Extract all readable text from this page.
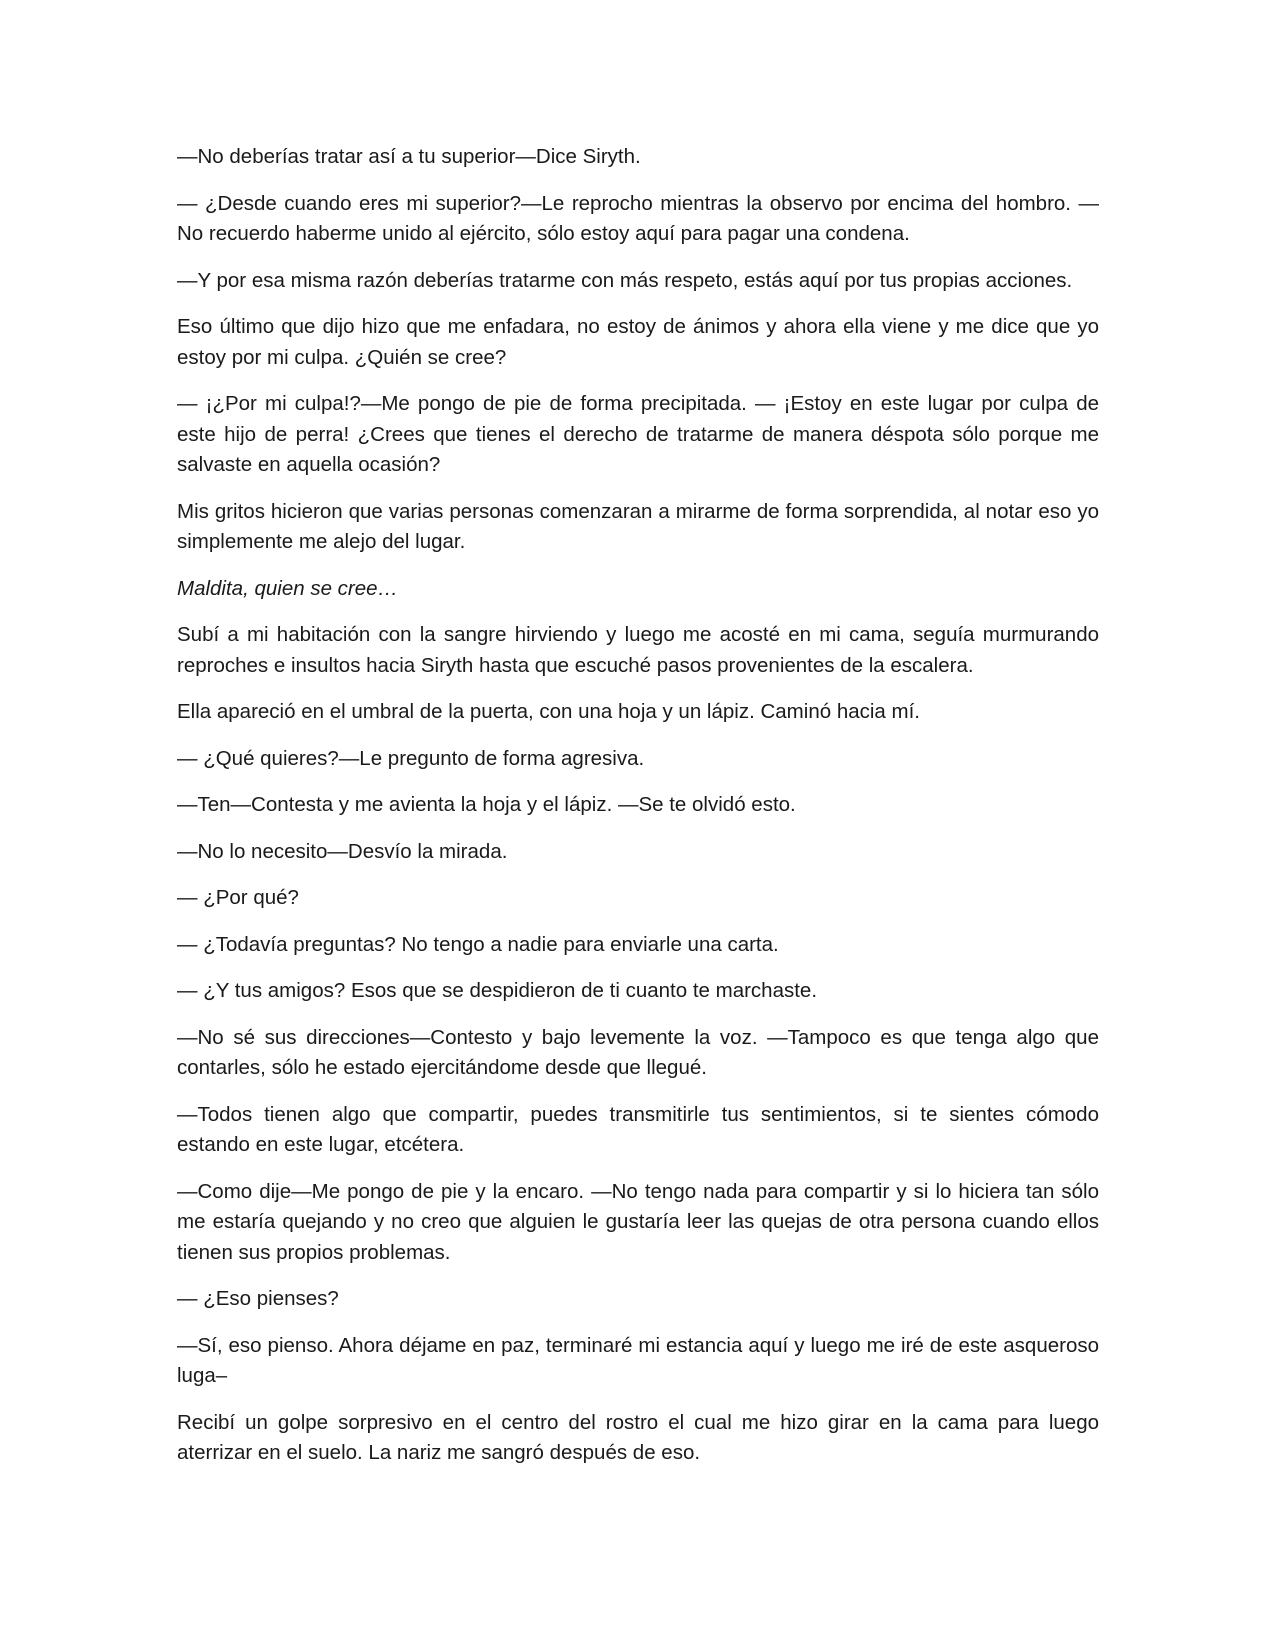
—No deberías tratar así a tu superior—Dice Siryth.

— ¿Desde cuando eres mi superior?—Le reprocho mientras la observo por encima del hombro. —No recuerdo haberme unido al ejército, sólo estoy aquí para pagar una condena.

—Y por esa misma razón deberías tratarme con más respeto, estás aquí por tus propias acciones.

Eso último que dijo hizo que me enfadara, no estoy de ánimos y ahora ella viene y me dice que yo estoy por mi culpa. ¿Quién se cree?

— ¡¿Por mi culpa!?—Me pongo de pie de forma precipitada. — ¡Estoy en este lugar por culpa de este hijo de perra! ¿Crees que tienes el derecho de tratarme de manera déspota sólo porque me salvaste en aquella ocasión?

Mis gritos hicieron que varias personas comenzaran a mirarme de forma sorprendida, al notar eso yo simplemente me alejo del lugar.

Maldita, quien se cree…

Subí a mi habitación con la sangre hirviendo y luego me acosté en mi cama, seguía murmurando reproches e insultos hacia Siryth hasta que escuché pasos provenientes de la escalera.

Ella apareció en el umbral de la puerta, con una hoja y un lápiz. Caminó hacia mí.

— ¿Qué quieres?—Le pregunto de forma agresiva.

—Ten—Contesta y me avienta la hoja y el lápiz. —Se te olvidó esto.

—No lo necesito—Desvío la mirada.

— ¿Por qué?

— ¿Todavía preguntas? No tengo a nadie para enviarle una carta.

— ¿Y tus amigos? Esos que se despidieron de ti cuanto te marchaste.

—No sé sus direcciones—Contesto y bajo levemente la voz. —Tampoco es que tenga algo que contarles, sólo he estado ejercitándome desde que llegué.

—Todos tienen algo que compartir, puedes transmitirle tus sentimientos, si te sientes cómodo estando en este lugar, etcétera.

—Como dije—Me pongo de pie y la encaro. —No tengo nada para compartir y si lo hiciera tan sólo me estaría quejando y no creo que alguien le gustaría leer las quejas de otra persona cuando ellos tienen sus propios problemas.

— ¿Eso pienses?

—Sí, eso pienso. Ahora déjame en paz, terminaré mi estancia aquí y luego me iré de este asqueroso luga–

Recibí un golpe sorpresivo en el centro del rostro el cual me hizo girar en la cama para luego aterrizar en el suelo. La nariz me sangró después de eso.
